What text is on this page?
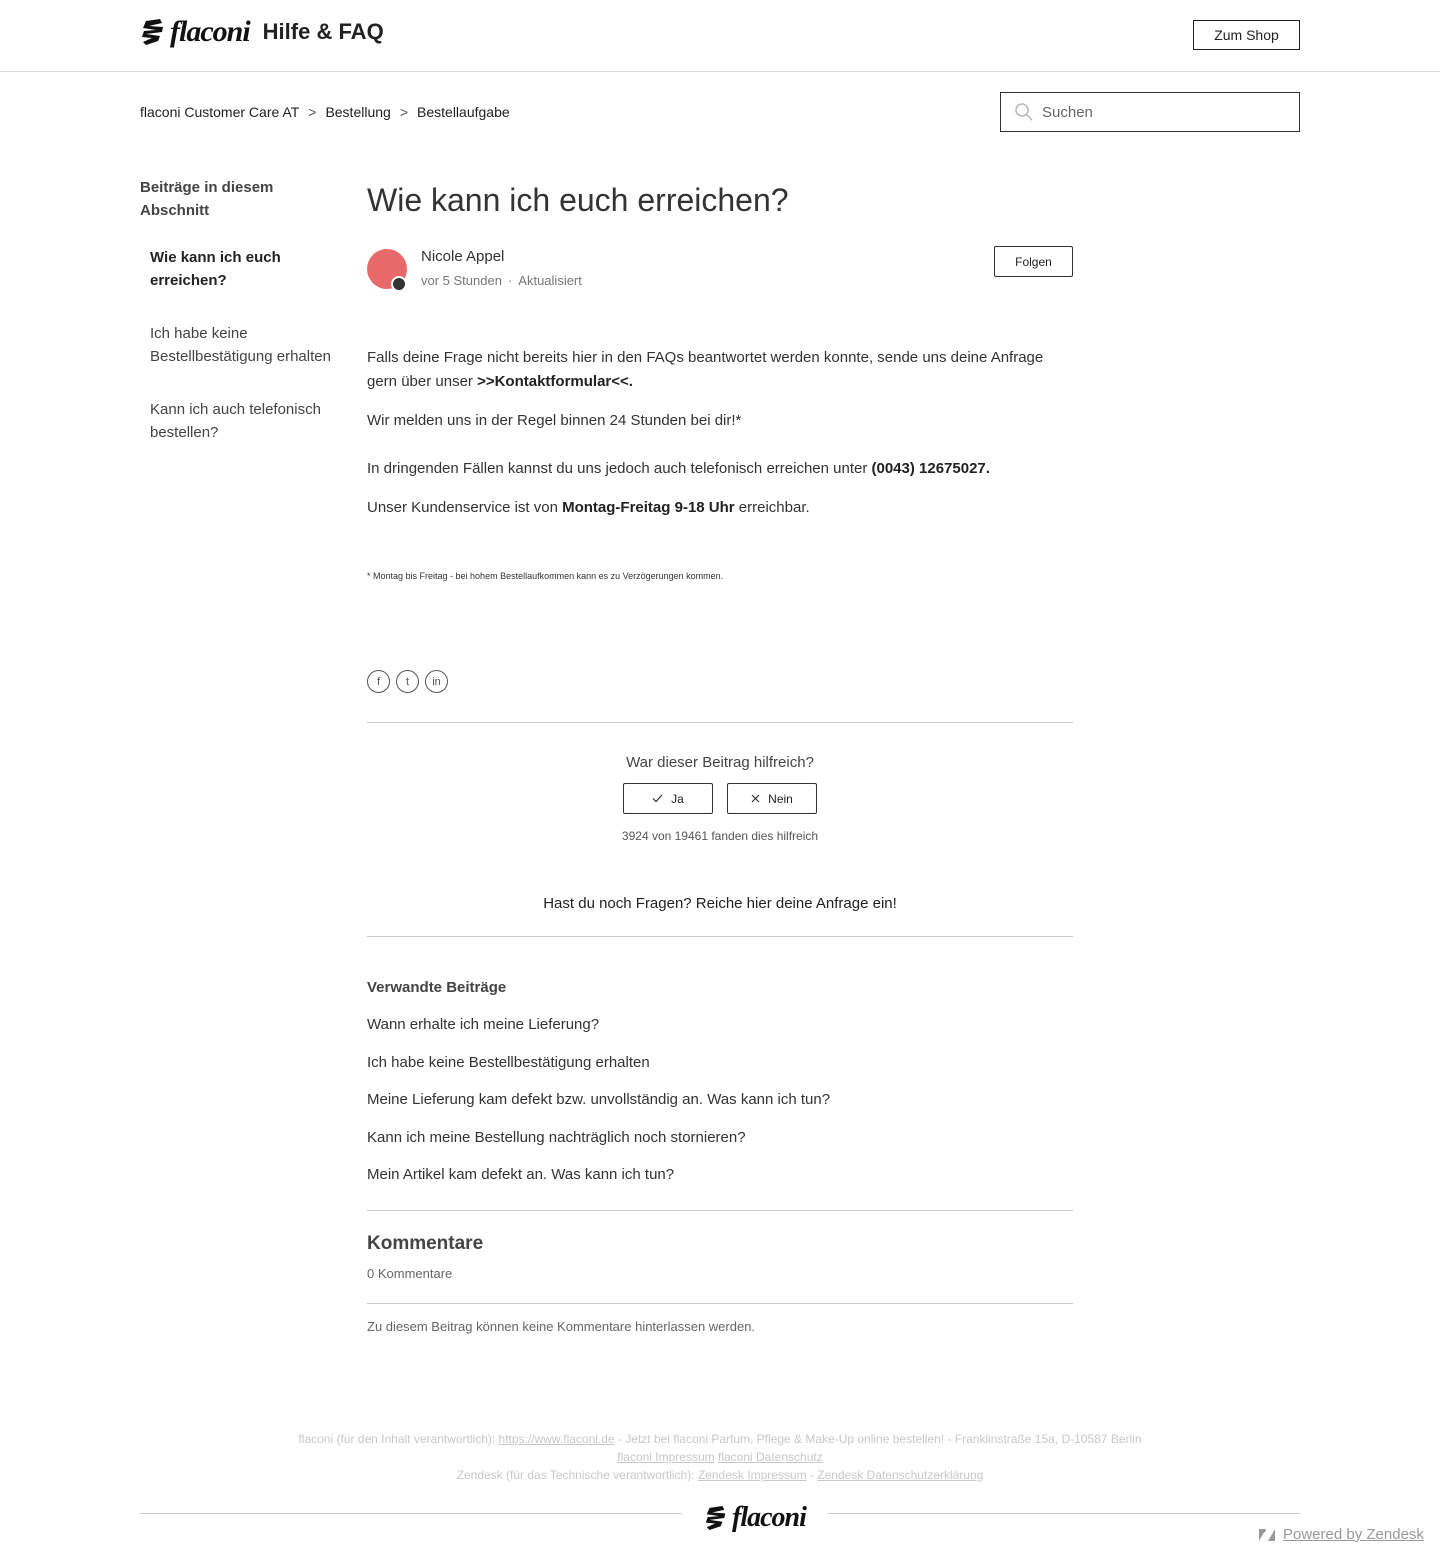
flaconi Hilfe & FAQ	Zum Shop
flaconi Customer Care AT > Bestellung > Bestellaufgabe
Suchen
Beiträge in diesem Abschnitt
Wie kann ich euch erreichen?
Ich habe keine Bestellbestätigung erhalten
Kann ich auch telefonisch bestellen?
Wie kann ich euch erreichen?
Nicole Appel
vor 5 Stunden · Aktualisiert
Folgen

Falls deine Frage nicht bereits hier in den FAQs beantwortet werden konnte, sende uns deine Anfrage gern über unser >>Kontaktformular<<.

Wir melden uns in der Regel binnen 24 Stunden bei dir!*

In dringenden Fällen kannst du uns jedoch auch telefonisch erreichen unter (0043) 12675027.

Unser Kundenservice ist von Montag-Freitag 9-18 Uhr erreichbar.

* Montag bis Freitag - bei hohem Bestellaufkommen kann es zu Verzögerungen kommen.
f	t	in
War dieser Beitrag hilfreich?
Ja	Nein
3924 von 19461 fanden dies hilfreich
Hast du noch Fragen? Reiche hier deine Anfrage ein!
Verwandte Beiträge
Wann erhalte ich meine Lieferung?
Ich habe keine Bestellbestätigung erhalten
Meine Lieferung kam defekt bzw. unvollständig an. Was kann ich tun?
Kann ich meine Bestellung nachträglich noch stornieren?
Mein Artikel kam defekt an. Was kann ich tun?
Kommentare
0 Kommentare
Zu diesem Beitrag können keine Kommentare hinterlassen werden.
flaconi (für den Inhalt verantwortlich): https://www.flaconi.de - Jetzt bei flaconi Parfum, Pflege & Make-Up online bestellen! - Franklinstraße 15a, D-10587 Berlin
flaconi Impressum flaconi Datenschutz
Zendesk (für das Technische verantwortlich): Zendesk Impressum - Zendesk Datenschutzerklärung
flaconi
Powered by Zendesk
